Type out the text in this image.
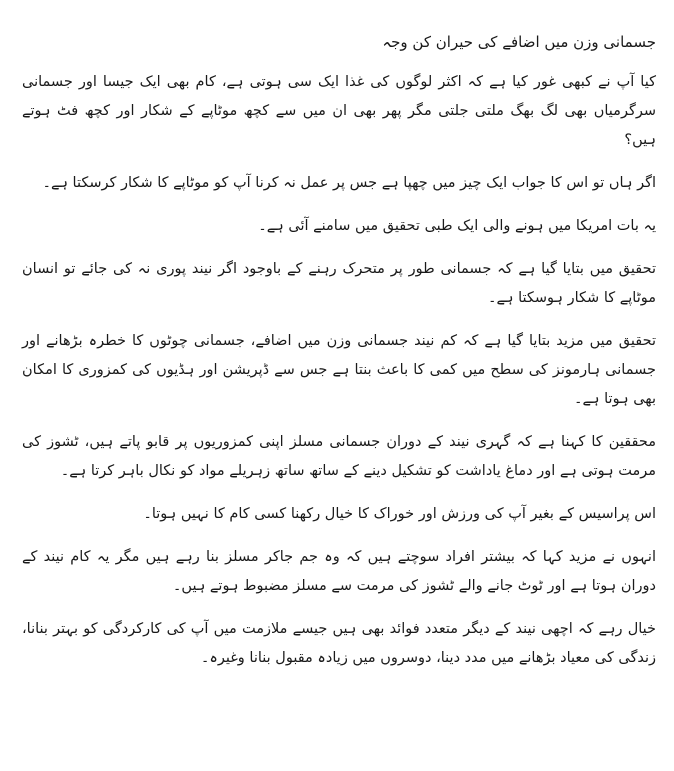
جسمانی وزن میں اضافے کی حیران کن وجہ

کیا آپ نے کبھی غور کیا ہے کہ اکثر لوگوں کی غذا ایک سی ہوتی ہے، کام بھی ایک جیسا اور جسمانی سرگرمیاں بھی لگ بھگ ملتی جلتی مگر پھر بھی ان میں سے کچھ موٹاپے کے شکار اور کچھ فٹ ہوتے ہیں؟

اگر ہاں تو اس کا جواب ایک چیز میں چھپا ہے جس پر عمل نہ کرنا آپ کو موٹاپے کا شکار کرسکتا ہے۔

یہ بات امریکا میں ہونے والی ایک طبی تحقیق میں سامنے آئی ہے۔

تحقیق میں بتایا گیا ہے کہ جسمانی طور پر متحرک رہنے کے باوجود اگر نیند پوری نہ کی جائے تو انسان موٹاپے کا شکار ہوسکتا ہے۔

تحقیق میں مزید بتایا گیا ہے کہ کم نیند جسمانی وزن میں اضافے، جسمانی چوٹوں کا خطرہ بڑھانے اور جسمانی ہارمونز کی سطح میں کمی کا باعث بنتا ہے جس سے ڈپریشن اور ہڈیوں کی کمزوری کا امکان بھی ہوتا ہے۔

محققین کا کہنا ہے کہ گہری نیند کے دوران جسمانی مسلز اپنی کمزوریوں پر قابو پاتے ہیں، ٹشوز کی مرمت ہوتی ہے اور دماغ یاداشت کو تشکیل دینے کے ساتھ ساتھ زہریلے مواد کو نکال باہر کرتا ہے۔

اس پراسیس کے بغیر آپ کی ورزش اور خوراک کا خیال رکھنا کسی کام کا نہیں ہوتا۔

انہوں نے مزید کہا کہ بیشتر افراد سوچتے ہیں کہ وہ جم جاکر مسلز بنا رہے ہیں مگر یہ کام نیند کے دوران ہوتا ہے اور ٹوٹ جانے والے ٹشوز کی مرمت سے مسلز مضبوط ہوتے ہیں۔

خیال رہے کہ اچھی نیند کے دیگر متعدد فوائد بھی ہیں جیسے ملازمت میں آپ کی کارکردگی کو بہتر بنانا، زندگی کی معیاد بڑھانے میں مدد دینا، دوسروں میں زیادہ مقبول بنانا وغیرہ۔
